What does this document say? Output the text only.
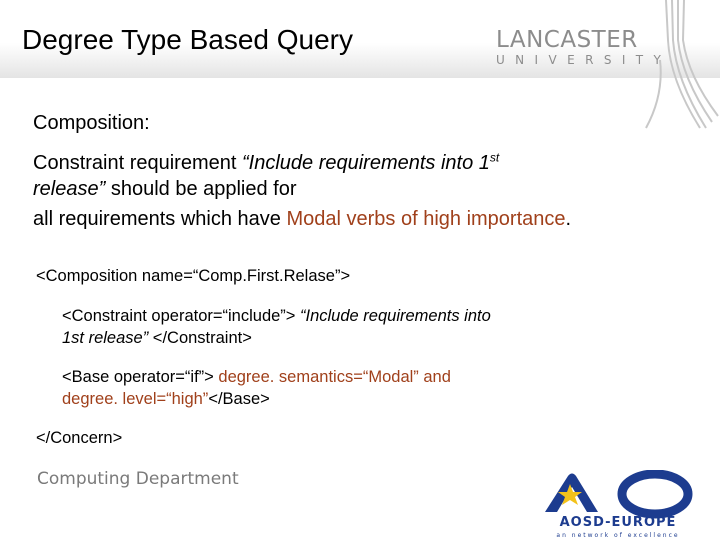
Degree Type Based Query	LANCASTER
UNIVERSITY

Composition:

Constraint requirement “Include requirements into 1st
release” should be applied for
all requirements which have Modal verbs of high importance.

<Composition name=“Comp.First.Relase”>
<Constraint operator=“include”> “Include requirements into
1st release” </Constraint>
<Base operator=“if”> degree. semantics=“Modal” and
degree. level=“high”</Base>
</Concern>
Computing Department
AOSD-EUROPE
an network of excellence
